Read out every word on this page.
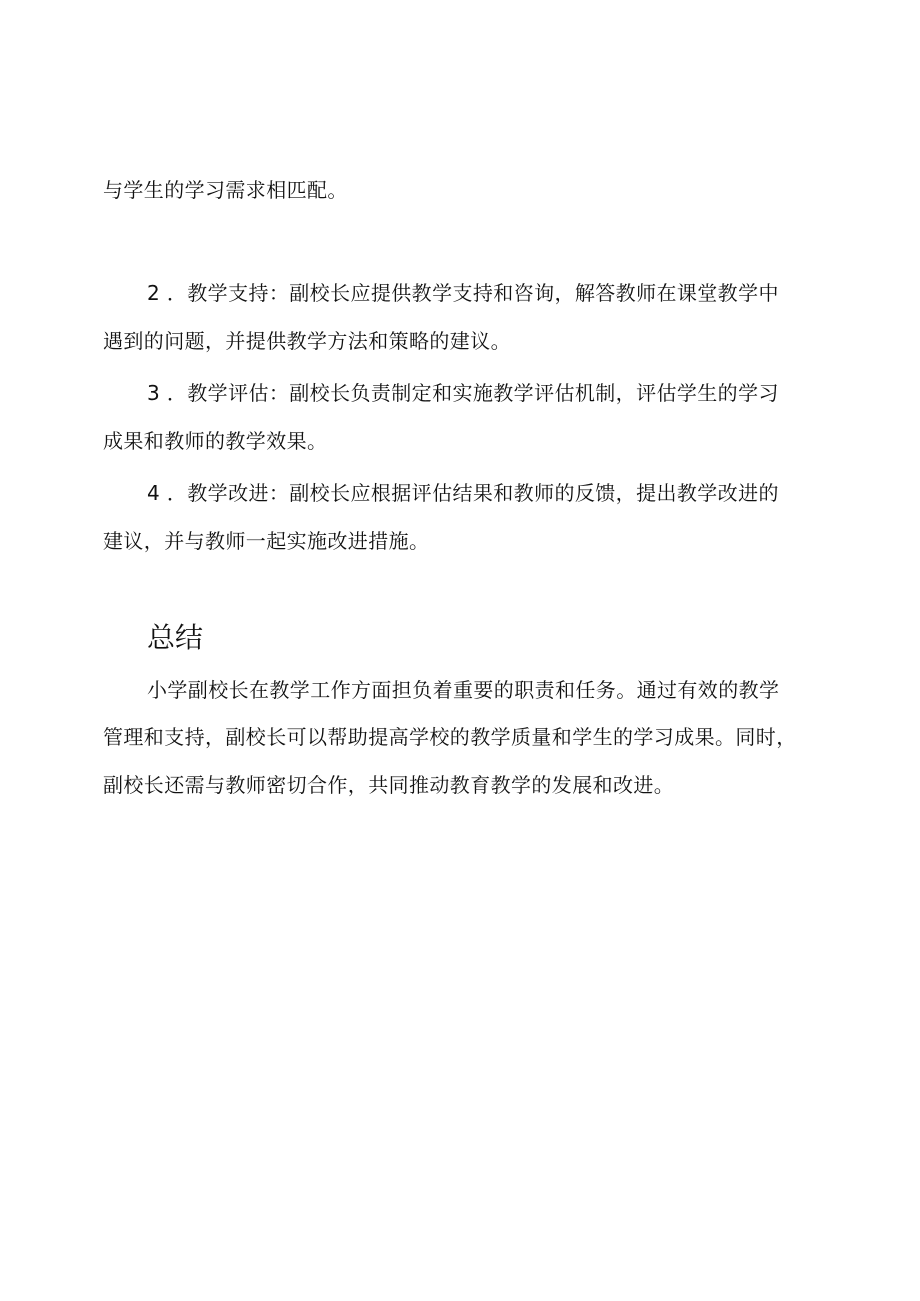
与学生的学习需求相匹配。
2 ．教学支持：副校长应提供教学支持和咨询，解答教师在课堂教学中
遇到的问题，并提供教学方法和策略的建议。
3 ．教学评估：副校长负责制定和实施教学评估机制，评估学生的学习
成果和教师的教学效果。
4 ．教学改进：副校长应根据评估结果和教师的反馈，提出教学改进的
建议，并与教师一起实施改进措施。
总结
小学副校长在教学工作方面担负着重要的职责和任务。通过有效的教学
管理和支持，副校长可以帮助提高学校的教学质量和学生的学习成果。同时，
副校长还需与教师密切合作，共同推动教育教学的发展和改进。
